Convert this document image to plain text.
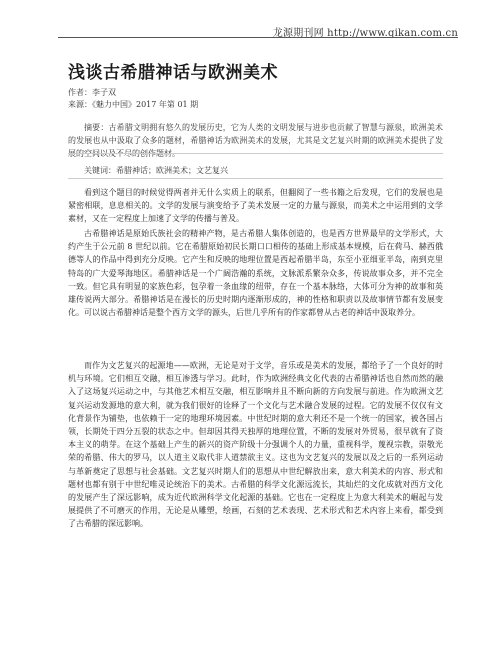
龙源期刊网 http://www.qikan.com.cn
浅谈古希腊神话与欧洲美术
作者：李子双
来源：《魅力中国》2017 年第 01 期

摘要：古希腊文明拥有悠久的发展历史，它为人类的文明发展与进步也贡献了智慧与源泉，欧洲美术的发展也从中汲取了众多的题材，希腊神话为欧洲美术的发展，尤其是文艺复兴时期的欧洲美术提供了发展的空间以及不尽的创作题材。

关键词：希腊神话；欧洲美术；文艺复兴

看到这个题目的时候觉得两者并无什么实质上的联系，但翻阅了一些书籍之后发现，它们的发展也是紧密相联，息息相关的。文学的发展与演变给予了美术发展一定的力量与源泉，而美术之中运用到的文学素材，又在一定程度上加速了文学的传播与普及。

古希腊神话是原始氏族社会的精神产物，是古希腊人集体创造的，也是西方世界最早的文学形式，大约产生于公元前 8 世纪以前。它在希腊原始初民长期口口相传的基础上形成基本规模，后在荷马、赫西俄德等人的作品中得到充分反映。它产生和反映的地理位置是西起希腊半岛，东至小亚细亚半岛，南到克里特岛的广大爱琴海地区。希腊神话是一个广阔浩瀚的系统，文脉派系繁杂众多，传说故事众多，并不完全一致。但它具有明显的家族色彩，包孕着一条血缘的纽带，存在一个基本脉络，大体可分为神的故事和英雄传说两大部分。希腊神话是在漫长的历史时期内逐渐形成的，神的性格和职责以及故事情节都有发展变化。可以说古希腊神话是整个西方文学的源头，后世几乎所有的作家都曾从古老的神话中汲取养分。

而作为文艺复兴的起源地——欧洲，无论是对于文学，音乐或是美术的发展，都给予了一个良好的时机与环境。它们相互交融，相互渗透与学习。此时，作为欧洲经典文化代表的古希腊神话也自然而然的融入了这场复兴运动之中，与其他艺术相互交融，相互影响并且不断向新的方向发展与前进。作为欧洲文艺复兴运动发源地的意大利，就为我们很好的诠释了一个文化与艺术融合发展的过程。它的发展不仅仅有文化背景作为铺垫，也依赖于一定的地理环境因素。中世纪时期的意大利还不是一个统一的国家，被各国占领，长期处于四分五裂的状态之中。但却因其得天独厚的地理位置，不断的发展对外贸易，很早就有了资本主义的萌芽。在这个基础上产生的新兴的资产阶级十分强调个人的力量，重视科学，蔑视宗教，崇敬光荣的希腊、伟大的罗马，以人道主义取代非人道禁欲主义。这也为文艺复兴的发展以及之后的一系列运动与革新奠定了思想与社会基础。文艺复兴时期人们的思想从中世纪解放出来，意大利美术的内容、形式和题材也都有别于中世纪唯灵论统治下的美术。古希腊的科学文化源远流长，其灿烂的文化成就对西方文化的发展产生了深远影响，成为近代欧洲科学文化起源的基础。它也在一定程度上为意大利美术的崛起与发展提供了不可磨灭的作用，无论是从雕塑，绘画，石刻的艺术表现、艺术形式和艺术内容上来看，都受到了古希腊的深远影响。
